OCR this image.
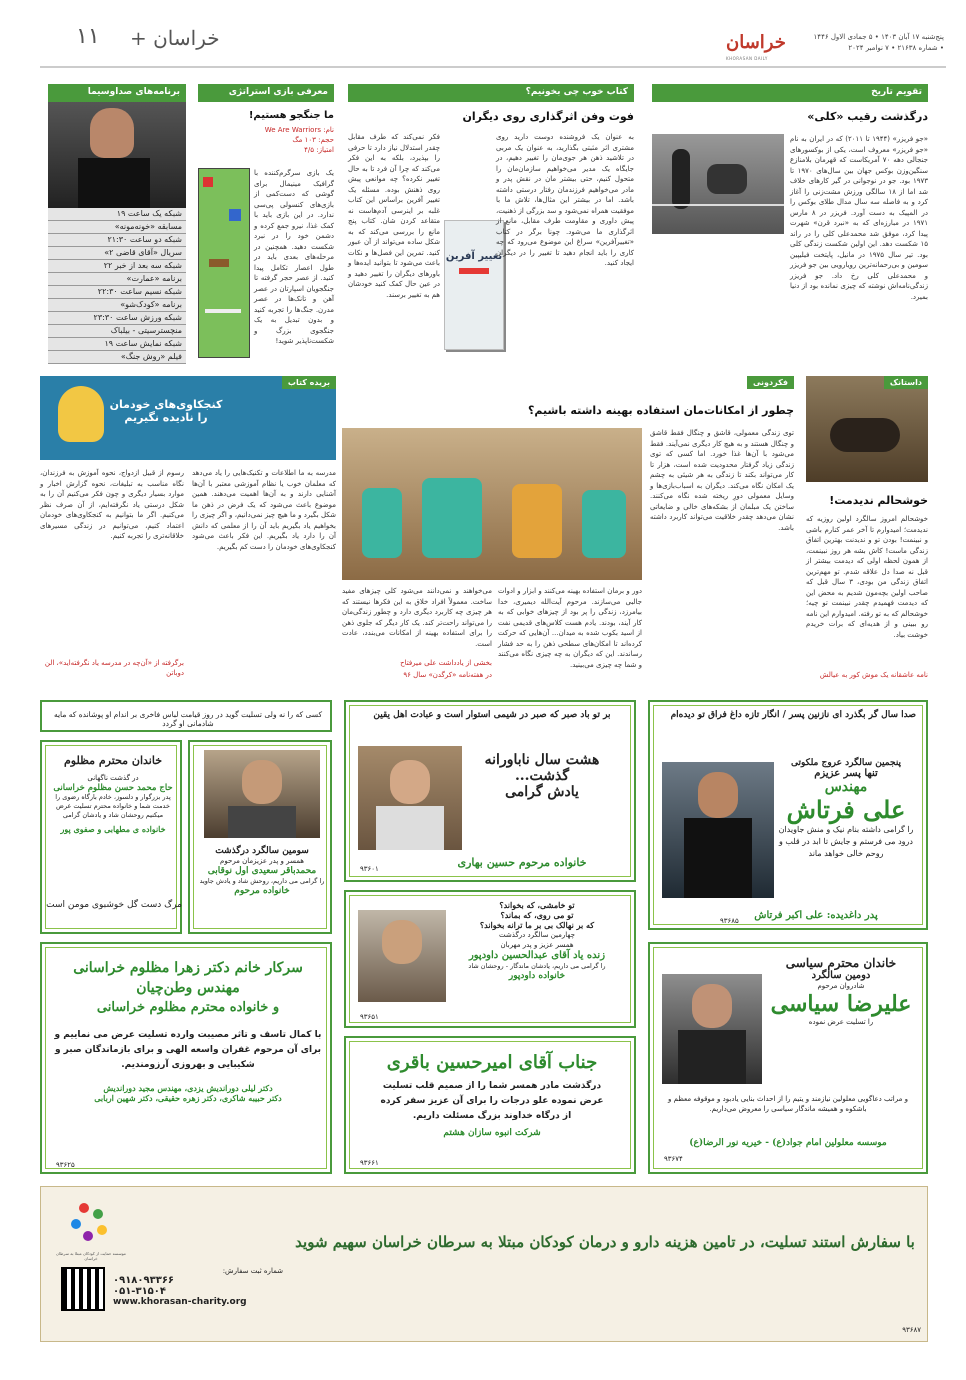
۱۱ خراسان +	خراسان
KHORASAN DAILY
پنج‌شنبه ۱۷ آبان ۱۴۰۳ • ۵ جمادی الاول ۱۴۴۶
• شماره ۲۱۶۳۸ • ۷ نوامبر ۲۰۲۴
تقویم تاریخ
درگذشت رقیب «کلی»
«جو فریزر» (۱۹۴۴ تا ۲۰۱۱) که در ایران به نام «جو فریزر» معروف است، یکی از بوکسورهای جنجالی دهه ۷۰ آمریکاست که قهرمان بلامنازع سنگین‌وزن بوکس جهان بین سال‌های ۱۹۷۰ تا ۱۹۷۳ بود. جو در نوجوانی در گیر کارهای خلاف شد اما از ۱۸ سالگی ورزش مشت‌زنی را آغاز کرد و به فاصله سه سال مدال طلای بوکس را در المپیک به دست آورد. فریزر در ۸ مارس ۱۹۷۱ در مبارزه‌ای که به «نبرد قرن» شهرت پیدا کرد، موفق شد محمدعلی کلی را در راند ۱۵ شکست دهد. این اولین شکست زندگی کلی بود. تیر سال ۱۹۷۵ در مانیل، پایتخت فیلیپین سومین و بی‌رحمانه‌ترین رویارویی بین جو فریزر و محمدعلی کلی رخ داد. جو فریزر زندگی‌نامه‌اش نوشته که چیزی نمانده بود از دنیا بمیرد.
کتاب خوب چی بخونیم؟
فوت وفن اثرگذاری روی دیگران
تغییر آفرین
به عنوان یک فروشنده دوست دارید روی مشتری اثر مثبتی بگذارید، به عنوان یک مربی در تلاشید ذهن هر جوی‌مان را تغییر دهیم، در جایگاه یک مدیر می‌خواهیم سازمان‌مان را متحول کنیم، حتی بیشتر مان در نقش پدر و مادر می‌خواهیم فرزندمان رفتار درستی داشته باشد. اما در بیشتر این مثال‌ها، تلاش ما با موفقیت همراه نمی‌شود و سد بزرگی از ذهنیت، پیش داوری و مقاومت طرف مقابل، مانع از اثرگذاری ما می‌شود. چونا برگر در کتاب «تغییرآفرین» سراغ این موضوع می‌رود که چه کاری را باید انجام دهید تا تغییر را در دیگران ایجاد کنید.
فکر نمی‌کند که طرف مقابل چقدر استدلال نیاز دارد تا حرفی را بپذیرد، بلکه به این فکر می‌کند که چرا آن فرد تا به حال تغییر نکرده؟ چه موانعی پیش روی ذهنش بوده. مسئله یک تغییر آفرین براساس این کتاب غلبه بر اینرسی آدم‌هاست نه متقاعد کردن شان. کتاب پنج مانع را بررسی می‌کند که به شکل ساده می‌تواند از آن عبور کنید. تمرین این فصل‌ها و نکات باعث می‌شود تا بتوانید ایده‌ها و باورهای دیگران را تغییر دهید و در عین حال کمک کنید خودشان هم به تغییر برسند.
معرفی بازی استراتژی
ما جنگجو هستیم!
نام: We Are Warriors
حجم: ۱۰۳ مگ
امتیاز: ۴/۵
یک بازی سرگرم‌کننده با گرافیک مینیمال برای گوشی که دست‌کمی از بازی‌های کنسولی پی‌سی ندارد. در این بازی باید با کمک غذا، نیرو جمع کرده و دشمن خود را در نبرد شکست دهید. همچنین در مرحله‌های بعدی باید در طول اعصار تکامل پیدا کنید. از عصر حجر گرفته تا جنگجویان اسپارتان در عصر آهن و تانک‌ها در عصر مدرن. جنگ‌ها را تجربه کنید و بدون تبدیل به یک جنگجوی بزرگ و شکست‌ناپذیر شوید!
برنامه‌های صداوسیما
شبکه یک ساعت ۱۹
مسابقه «خونه‌مونه»
شبکه دو ساعت ۲۱:۳۰
سریال «آقای قاضی ۲»
شبکه سه بعد از خبر ۲۲
برنامه «عمارت»
شبکه نسیم ساعت ۲۲:۳۰
برنامه «کودک‌شو»
شبکه ورزش ساعت ۲۳:۳۰
منچسترسیتی - بیلباک
شبکه نمایش ساعت ۱۹
فیلم «روش جنگ»
داستانک
خوشحالم ندیدمت!
خوشحالم امروز سالگرد اولین روزیه که ندیدمت؛ امیدوارم تا آخر عمر کنارم باشی و نبینمت! بودن تو و ندیدنت بهترین اتفاق زندگی ماست! کاش بشه هر روز نبینمت، از همون لحظه اولی که دیدمت بیشتر از قبل نه صدا دل‌ علاقه شدم. تو مهم‌ترین اتفاق زندگی من بودی، ۳ سال قبل که صاحب اولین بچه‌مون شدیم به محض این که دیدمت فهمیدم چقدر نبینمت تو چیه؛ خوشحالم که به تو رفته. امیدوارم این نامه رو ببینی و از هدیه‌ای که برات خریدم خوشت بیاد.
نامه عاشقانه یک موش کور به عیالش
فکردونی
چطور از امکانات‌مان استفاده بهینه داشته باشیم؟
توی زندگی معمولی، قاشق و چنگال فقط قاشق و چنگال هستند و به هیچ کار دیگری نمی‌آیند. فقط می‌شود با آن‌ها غذا خورد. اما کسی که توی زندگی زیاد گرفتار محدودیت شده است، هزار تا کار می‌تواند بکند تا زندگی به هر شیئی به چشم یک امکان نگاه می‌کند. دیگران به اسباب‌بازی‌ها و وسایل معمولی دورِ ریخته شده نگاه می‌کنند. ساختن یک مبلمان از بشکه‌های خالی و ضایعاتی نشان می‌دهد چقدر خلاقیت می‌تواند کاربرد داشته باشد.
دور و برمان استفاده بهینه می‌کنند و ابزار و ادوات جالبی می‌سازند. مرحوم آیت‌الله دیمیری، خدا بیامرزد، زندگی را پر بود از چیزهای خوابی که به کار آیند، بودند. یادم هست کلاس‌های قدیمی نفت از اسید بکوب شده به میدان... آن‌هایی که حرکت کرده‌اند تا امکان‌های سطحی ذهن را به حد فشار رساندند. این که دیگران به چه چیزی نگاه می‌کنند و شما چه چیزی می‌بینید.
می‌خواهند و نمی‌دانند می‌شود کلی چیزهای مفید ساخت. معمولاً افراد خلاق به این فکرها نیستند که هر چیزی چه کاربرد دیگری دارد و چطور زندگی‌مان را می‌تواند راحت‌تر کند. یک کار دیگر که جلوی ذهن را برای استفاده بهینه از امکانات می‌بندد، عادت است.
بخشی از یادداشت علی میرفتاح
در هفته‌نامه «کرگدن» سال ۹۶
کنجکاوی‌های خودمان
را نادیده نگیریم
بریده کتاب
مدرسه به ما اطلاعات و تکنیک‌هایی را یاد می‌دهد که معلمان خوب یا نظام آموزشی معتبر با آن‌ها آشنایی دارند و به آن‌ها اهمیت می‌دهند. همین موضوع باعث می‌شود که یک فرض در ذهن ما شکل بگیرد و ما هیچ چیز نمی‌دانیم، و اگر چیزی را بخواهیم یاد بگیریم باید آن را از معلمی که دانش آن را دارد یاد بگیریم. این فکر باعث می‌شود کنجکاوی‌های خودمان را دست کم بگیریم.
رسوم از قبیل ازدواج، نحوه آموزش به فرزندان، نگاه مناسب به تبلیغات، نحوه گزارش اخبار و موارد بسیار دیگری و چون فکر می‌کنیم آن را به شکل درستی یاد نگرفته‌ایم، از آن صرف نظر می‌کنیم. اگر ما بتوانیم به کنجکاوی‌های خودمان اعتماد کنیم، می‌توانیم در زندگی مسیرهای خلاقانه‌تری را تجربه کنیم.
برگرفته از «آن‌چه در مدرسه یاد نگرفته‌اید»، الن دوباتن
صدا سال گر بگذرد ای نازنین پسر / انگار تازه داغ فراق تو دیده‌ام
پنجمین سالگرد عروج ملکوتی
تنها پسر عزیزم
مهندس
علی فرتاش
را گرامی داشته بنام نیک و منش جاویدان درود می فرستم و جایش تا ابد در قلب و روحم خالی خواهد ماند
پدر داغدیده: علی اکبر فرتاش
۹۳۶۸۵
بر تو باد صبر که صبر در شیمی استوار است و عبادت اهل یقین
هشت سال ناباورانه
گذشت...
یادش گرامی
خانواده مرحوم حسین بهاری
۹۳۶۰۱
کسی که را نه ولی تسلیت گوید در روز قیامت لباس فاخری بر اندام او پوشانده که مایه شادمانی او گردد
سومین سالگرد درگذشت
همسر و پدر عزیزمان مرحوم
محمدباقر سعیدی اول نوقابی
را گرامی می داریم، روحش شاد و یادش جاوید
خانواده مرحوم
خاندان محترم مظلوم
در گذشت ناگهانی
حاج محمد حسن مظلوم خراسانی
پدر بزرگوار و دلسوز، خادم بارگاه رضوی را خدمت شما و خانواده محترم تسلیت عرض میکنیم روحشان شاد و یادشان گرامی
خانواده ی مطهابی و صفوی پور
مرگ دست گل خوشبوی مومن است	تو خامشی، که بخواند؟
تو می روی، که بماند؟
که بر نهالک بی بر ما ترانه بخواند؟
چهارمین سالگرد درگذشت
همسر عزیز و پدر مهربان
زنده یاد آقای عبدالحسین داودپور
را گرامی می داریم، یادشان ماندگار - روحشان شاد
خانواده داودپور
۹۳۶۵۱
خاندان محترم سیاسی
دومین سالگرد
شادروان مرحوم
علیرضا سیاسی
را تسلیت عرض نموده
و مراتب دعاگویی معلولین نیازمند و یتیم را از احداث بنایی یادبود و موقوفه معظم و باشکوه و همیشه ماندگار سیاسی را معروض می‌داریم.
موسسه معلولین امام جواد(ع) - خیریه نور الرضا(ع)
۹۳۶۷۴
سرکار خانم دکتر زهرا مظلوم خراسانی
مهندس وطن‌چیان
و خانواده محترم مظلوم خراسانی
با کمال تاسف و تاثر مصیبت وارده تسلیت عرض می نماییم و برای آن مرحوم غفران واسعه الهی و برای بازماندگان صبر و شکیبایی و بهروزی آرزومندیم.
دکتر لیلی دوراندیش یزدی، مهندس مجید دوراندیش
دکتر حبیبه شاکری، دکتر زهره حقیقی، دکتر شهین اربابی
۹۳۶۲۵
جناب آقای امیرحسین باقری
درگذشت مادر همسر شما را از صمیم قلب تسلیت
عرض نموده علو درجات را برای آن عزیز سفر کرده
از درگاه خداوند بزرگ مسئلت داریم.
شرکت انبوه سازان هشتم
۹۳۶۶۱
موسسه حمایت از کودکان مبتلا به سرطان خراسان
شماره ثبت سفارش:
۰۹۱۸۰۹۳۳۶۶
۰۵۱-۳۱۵۰۴
www.khorasan-charity.org
با سفارش استند تسلیت، در تامین هزینه دارو و درمان کودکان مبتلا به سرطان خراسان سهیم شوید
۹۳۶۸۷
